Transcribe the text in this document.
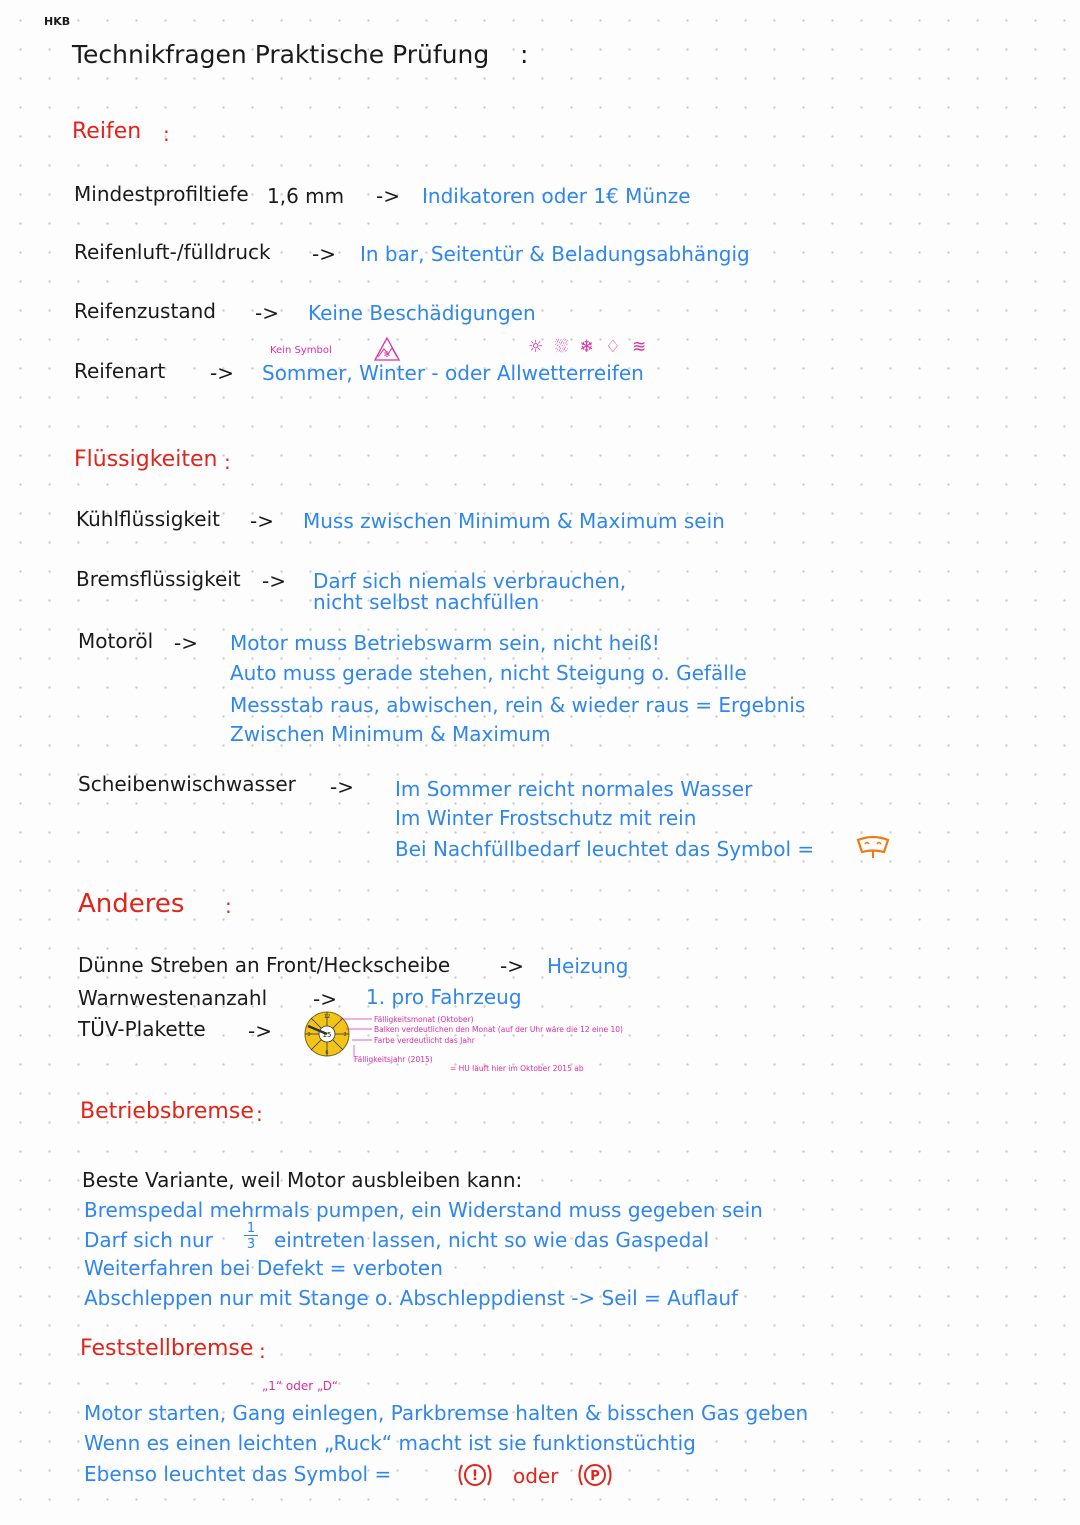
HKB
Technikfragen Praktische Prüfung :
Reifen :
Mindestprofiltiefe 1,6 mm -> Indikatoren oder 1€ Münze
Reifenluft-/fülldruck -> In bar, Seitentür & Beladungsabhängig
Reifenzustand -> Keine Beschädigungen
Kein Symbol	✻	☼ ⛆ ❄ ♢ ≋
Reifenart -> Sommer, Winter - oder Allwetterreifen
Flüssigkeiten :
Kühlflüssigkeit -> Muss zwischen Minimum & Maximum sein
Bremsflüssigkeit -> Darf sich niemals verbrauchen,
nicht selbst nachfüllen
Motoröl -> Motor muss Betriebswarm sein, nicht heiß!
Auto muss gerade stehen, nicht Steigung o. Gefälle
Messstab raus, abwischen, rein & wieder raus = Ergebnis
Zwischen Minimum & Maximum
Scheibenwischwasser -> Im Sommer reicht normales Wasser
Im Winter Frostschutz mit rein
Bei Nachfüllbedarf leuchtet das Symbol =
Anderes :
Dünne Streben an Front/Heckscheibe -> Heizung
Warnwestenanzahl -> 1. pro Fahrzeug
TÜV-Plakette ->
12
6
9	3
15
Fälligkeitsmonat (Oktober)
Balken verdeutlichen den Monat (auf der Uhr wäre die 12 eine 10)
Farbe verdeutlicht das Jahr
Fälligkeitsjahr (2015)
= HU läuft hier im Oktober 2015 ab
Betriebsbremse :
Beste Variante, weil Motor ausbleiben kann:
Bremspedal mehrmals pumpen, ein Widerstand muss gegeben sein
Darf sich nur	1
3 eintreten lassen, nicht so wie das Gaspedal
Weiterfahren bei Defekt = verboten
Abschleppen nur mit Stange o. Abschleppdienst -> Seil = Auflauf
Feststellbremse :
„1“ oder „D“
Motor starten, Gang einlegen, Parkbremse halten & bisschen Gas geben
Wenn es einen leichten „Ruck“ macht ist sie funktionstüchtig
Ebenso leuchtet das Symbol =	! oder P
